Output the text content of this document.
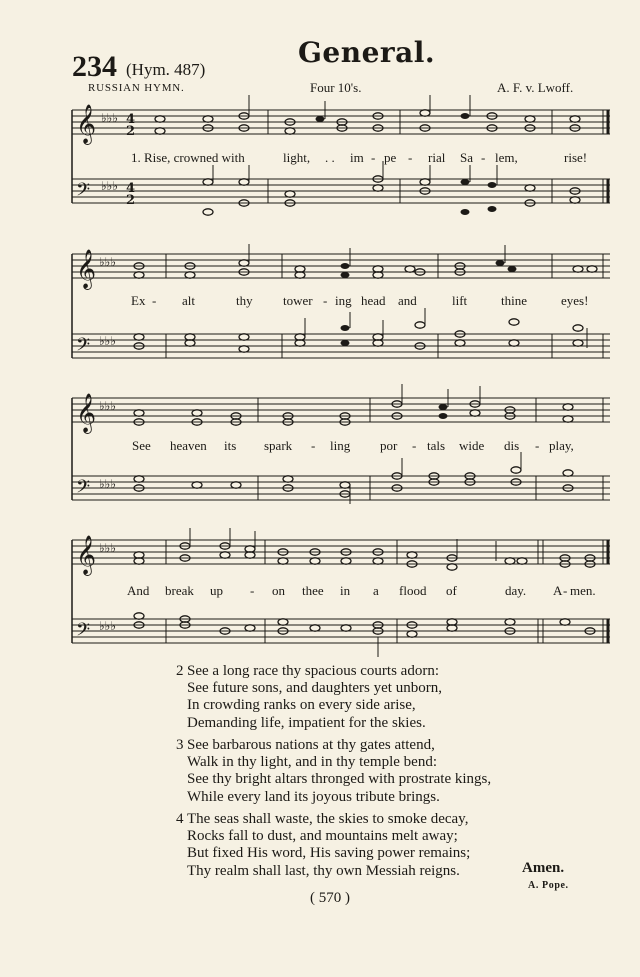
234 (Hym. 487)
General.
RUSSIAN HYMN.	Four 10's.	A. F. v. Lwoff.

𝄞
𝄢
♭♭♭
♭♭♭
4
2
4
2
1. Rise, crowned with	light, . . im - pe - rial Sa - lem,	rise!
𝄞
𝄢
♭♭♭
♭♭♭
Ex - alt	thy tower - ing head and	lift	thine	eyes!
𝄞
𝄢
♭♭♭
♭♭♭
See heaven its spark - ling por - tals wide dis - play,
𝄞
𝄢
♭♭♭
♭♭♭
And break up - on thee in a flood of	day. A - men.
2 See a long race thy spacious courts adorn:
See future sons, and daughters yet unborn,
In crowding ranks on every side arise,
Demanding life, impatient for the skies.
3 See barbarous nations at thy gates attend,
Walk in thy light, and in thy temple bend:
See thy bright altars thronged with prostrate kings,
While every land its joyous tribute brings.
4 The seas shall waste, the skies to smoke decay,
Rocks fall to dust, and mountains melt away;
But fixed His word, His saving power remains;
Thy realm shall last, thy own Messiah reigns.	Amen.
A. Pope.
( 570 )
